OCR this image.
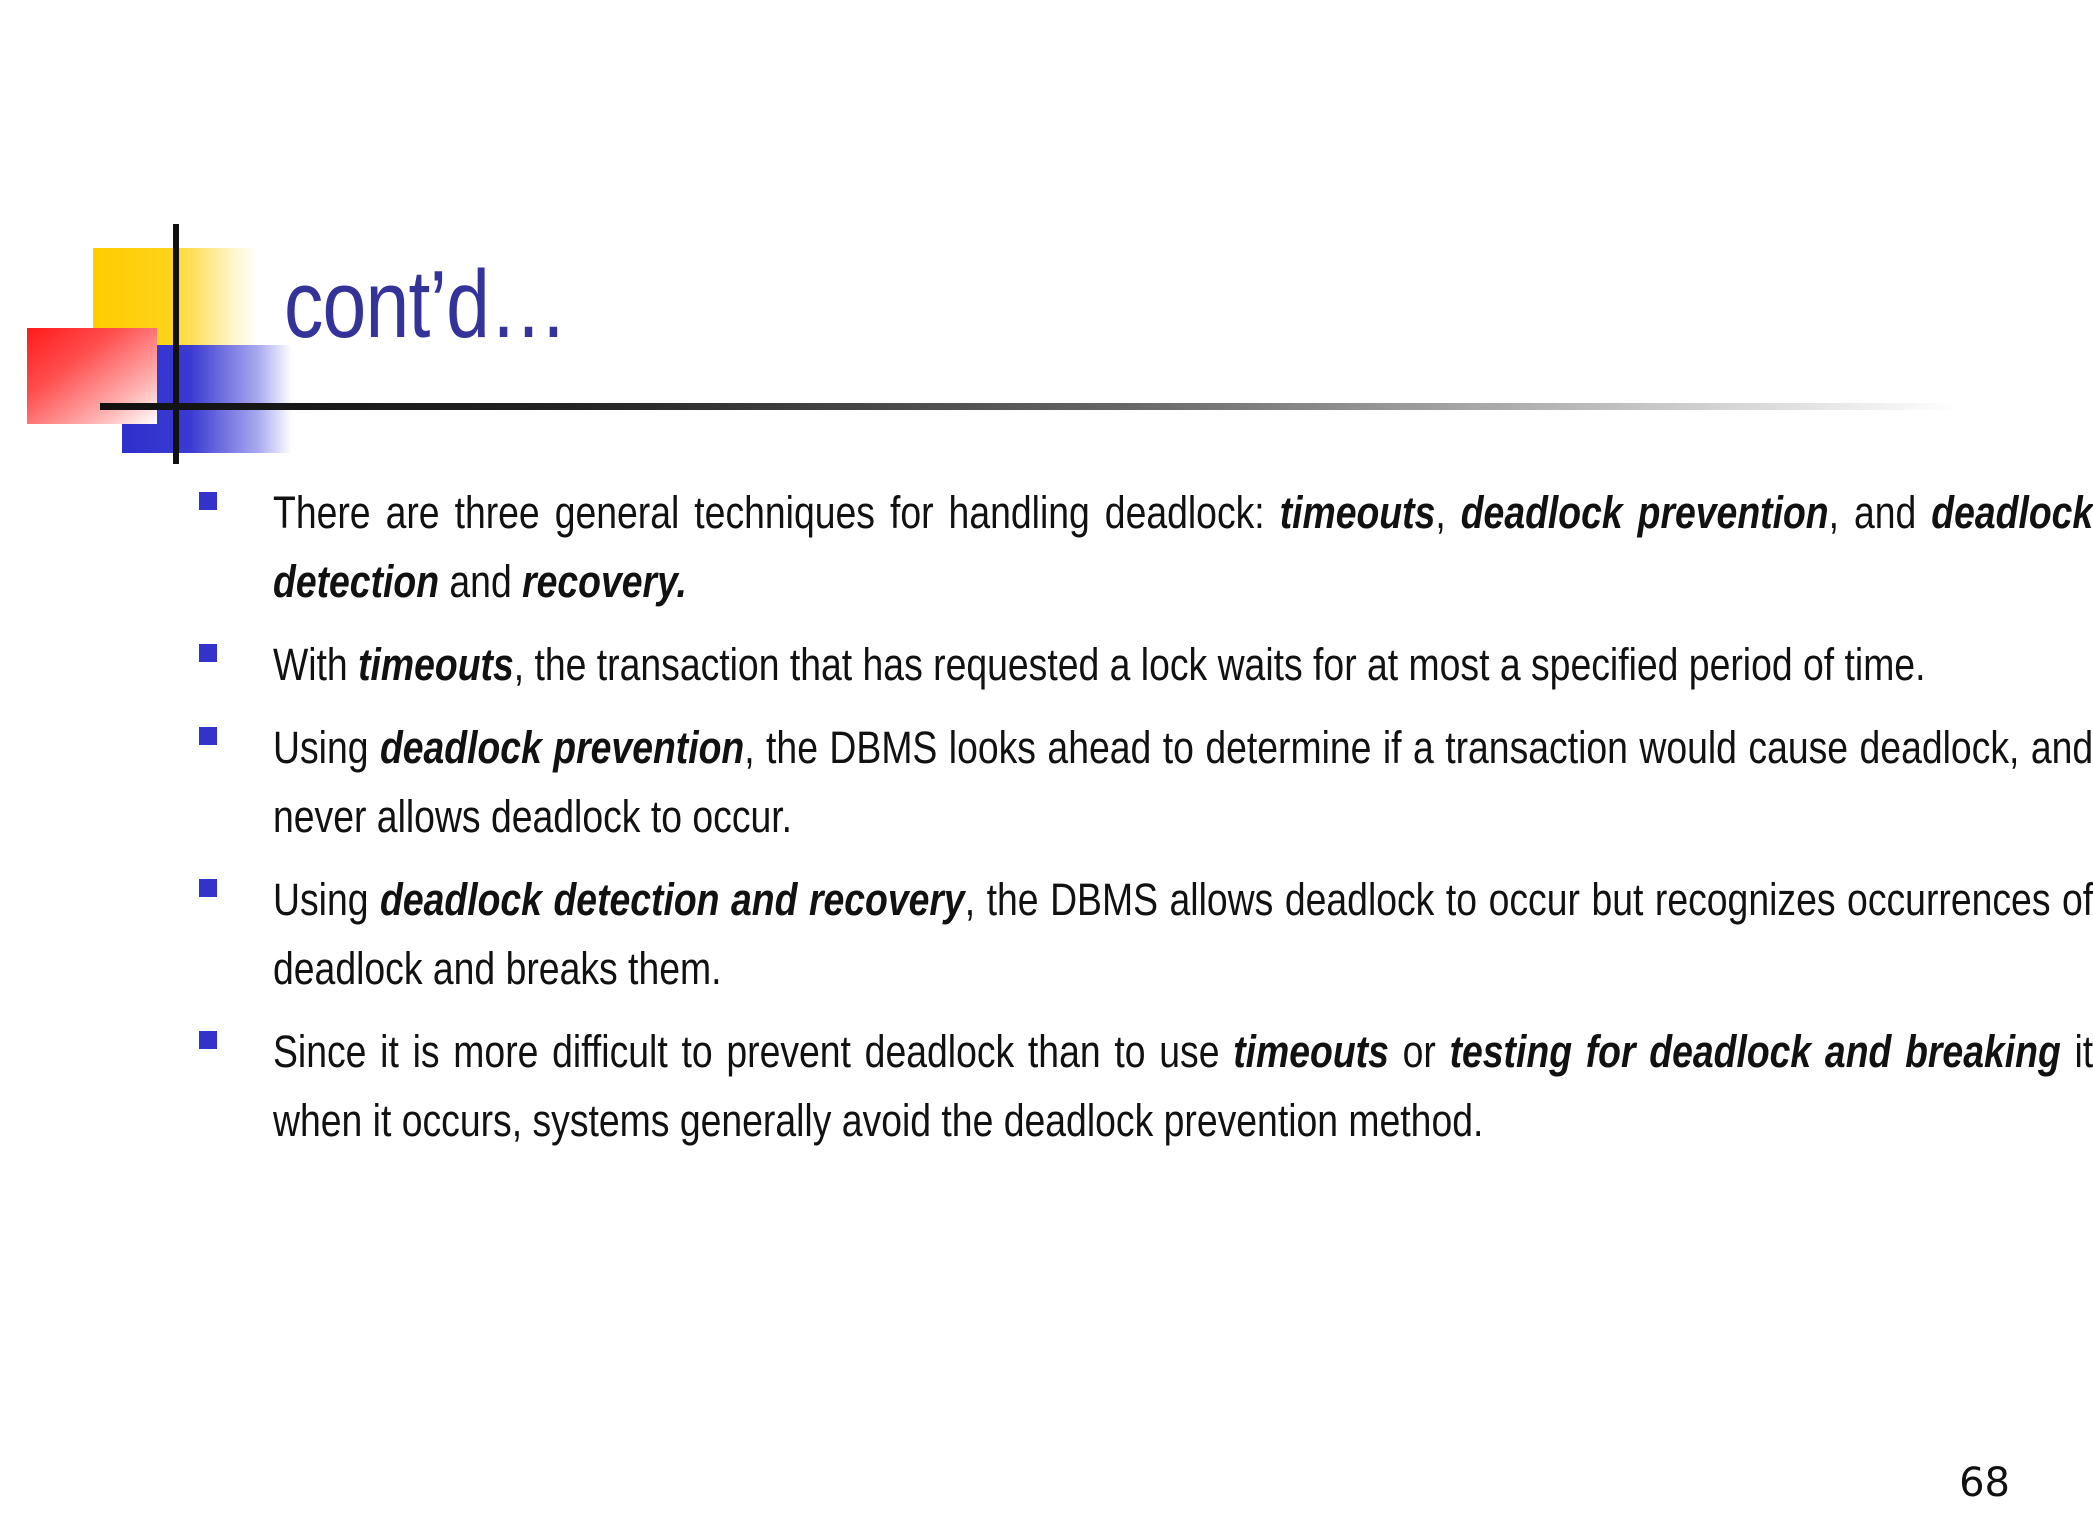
cont’d…
There are three general techniques for handling deadlock: timeouts, deadlock prevention, and deadlock detection and recovery.
With timeouts, the transaction that has requested a lock waits for at most a specified period of time.
Using deadlock prevention, the DBMS looks ahead to determine if a transaction would cause deadlock, and never allows deadlock to occur.
Using deadlock detection and recovery, the DBMS allows deadlock to occur but recognizes occurrences of deadlock and breaks them.
Since it is more difficult to prevent deadlock than to use timeouts or testing for deadlock and breaking it when it occurs, systems generally avoid the deadlock prevention method.
68
